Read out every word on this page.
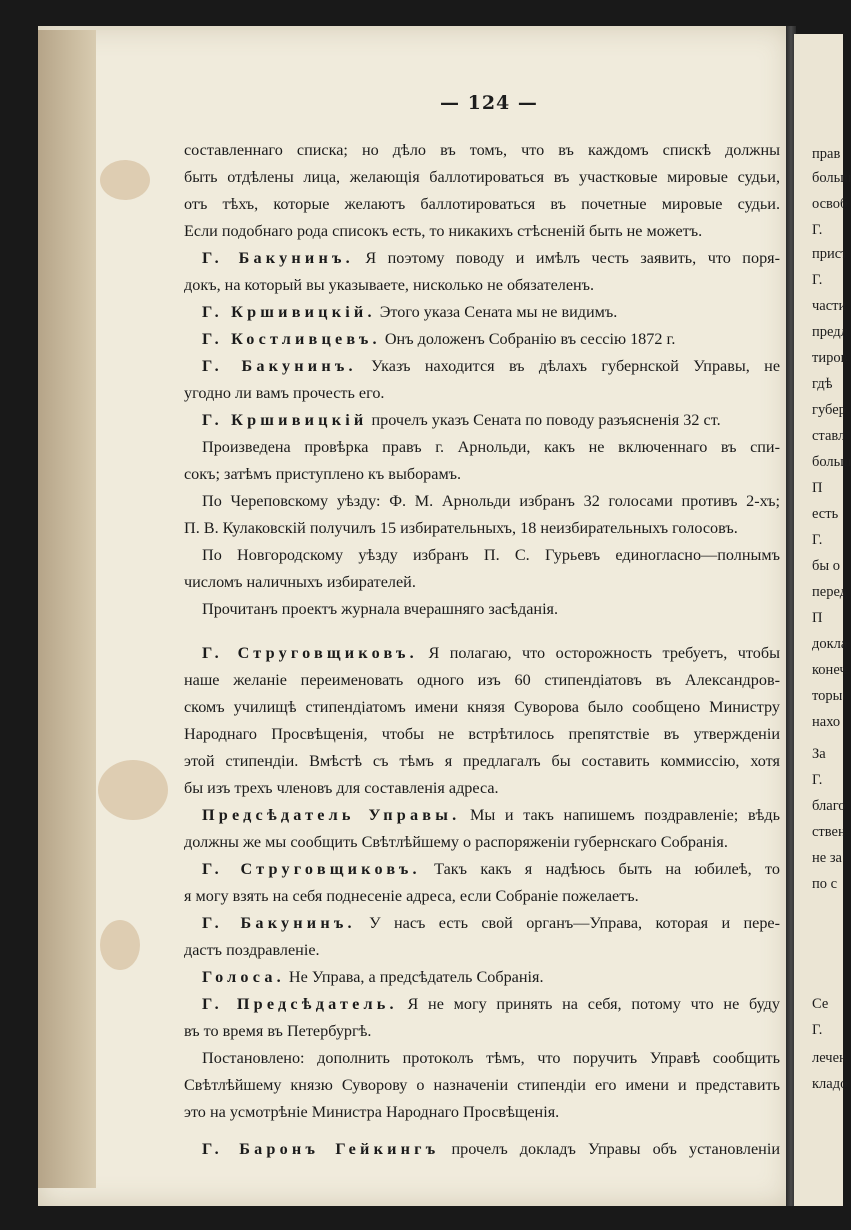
— 124 —
составленнаго списка; но дѣло въ томъ, что въ каждомъ спискѣ должны
быть отдѣлены лица, желающія баллотироваться въ участковые мировые судьи,
отъ тѣхъ, которые желаютъ баллотироваться въ почетные мировые судьи.
Если подобнаго рода списокъ есть, то никакихъ стѣсненій быть не можетъ.
Г. Бакунинъ. Я поэтому поводу и имѣлъ честь заявить, что поря-
докъ, на который вы указываете, нисколько не обязателенъ.
Г. Кршивицкій. Этого указа Сената мы не видимъ.
Г. Костливцевъ. Онъ доложенъ Собранію въ сессію 1872 г.
Г. Бакунинъ. Указъ находится въ дѣлахъ губернской Управы, не
угодно ли вамъ прочесть его.
Г. Кршивицкій прочелъ указъ Сената по поводу разъясненія 32 ст.
Произведена провѣрка правъ г. Арнольди, какъ не включеннаго въ спи-
сокъ; затѣмъ приступлено къ выборамъ.
По Череповскому уѣзду: Ф. М. Арнольди избранъ 32 голосами противъ 2-хъ;
П. В. Кулаковскій получилъ 15 избирательныхъ, 18 неизбирательныхъ голосовъ.
По Новгородскому уѣзду избранъ П. С. Гурьевъ единогласно—полнымъ
числомъ наличныхъ избирателей.
Прочитанъ проектъ журнала вчерашняго засѣданія.
Г. Струговщиковъ. Я полагаю, что осторожность требуетъ, чтобы
наше желаніе переименовать одного изъ 60 стипендіатовъ въ Александров-
скомъ училищѣ стипендіатомъ имени князя Суворова было сообщено Министру
Народнаго Просвѣщенія, чтобы не встрѣтилось препятствіе въ утвержденіи
этой стипендіи. Вмѣстѣ съ тѣмъ я предлагалъ бы составить коммиссію, хотя
бы изъ трехъ членовъ для составленія адреса.
Предсѣдатель Управы. Мы и такъ напишемъ поздравленіе; вѣдь
должны же мы сообщить Свѣтлѣйшему о распоряженіи губернскаго Собранія.
Г. Струговщиковъ. Такъ какъ я надѣюсь быть на юбилеѣ, то
я могу взять на себя поднесеніе адреса, если Собраніе пожелаетъ.
Г. Бакунинъ. У насъ есть свой органъ—Управа, которая и пере-
дастъ поздравленіе.
Голоса. Не Управа, а предсѣдатель Собранія.
Г. Предсѣдатель. Я не могу принять на себя, потому что не буду
въ то время въ Петербургѣ.
Постановлено: дополнить протоколъ тѣмъ, что поручить Управѣ сообщить
Свѣтлѣйшему князю Суворову о назначеніи стипендіи его имени и представить
это на усмотрѣніе Министра Народнаго Просвѣщенія.
Г. Баронъ Гейкингъ прочелъ докладъ Управы объ установленіи
прав
больш
освоб
Г.
прист
Г.
части
предл
тиров
гдѣ
губер
ставл
больш
П
есть
Г.
бы о
перед
П
докла
конеч
торы
нахо
За
Г.
благо
ствен
не за
по с
Се
Г.
лечен
кладо
